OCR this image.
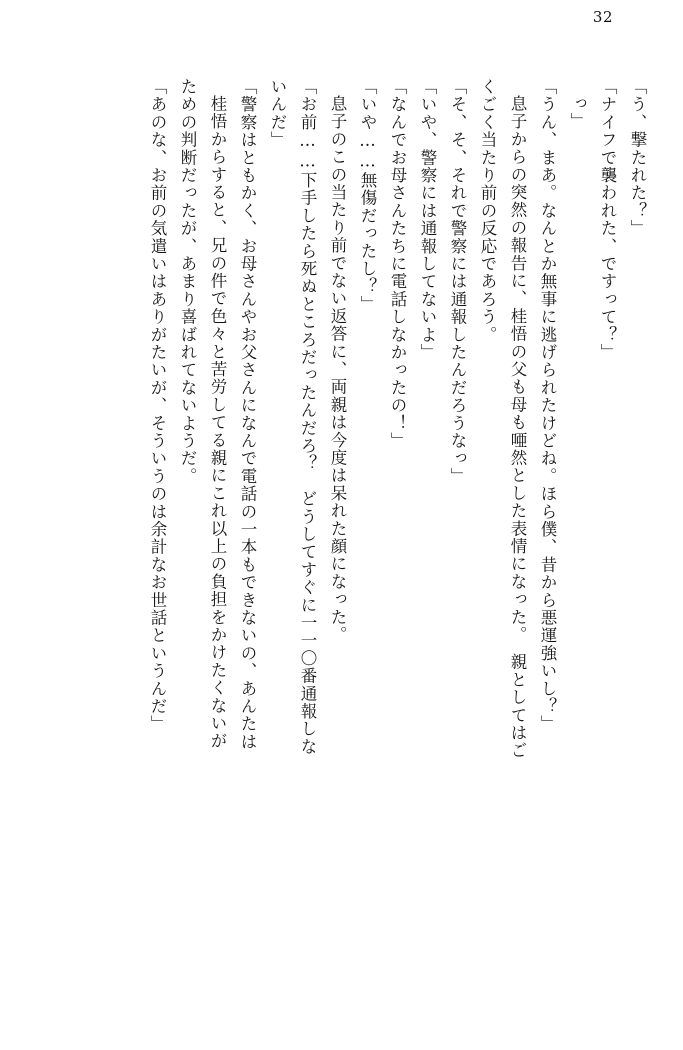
32
「う、撃たれた？」
「ナイフで襲われた、ですって？」
っ」
「うん、まあ。なんとか無事に逃げられたけどね。ほら僕、昔から悪運強いし？」
息子からの突然の報告に、桂悟の父も母も唖然とした表情になった。　親としてはご
くごく当たり前の反応であろう。
「そ、そ、それで警察には通報したんだろうなっ」
「いや、警察には通報してないよ」
「なんでお母さんたちに電話しなかったの！」
「いや……無傷だったし？」
息子のこの当たり前でない返答に、両親は今度は呆れた顔になった。
「お前……下手したら死ぬところだったんだろ？　どうしてすぐに一一〇番通報しな
いんだ」
「警察はともかく、お母さんやお父さんになんで電話の一本もできないの、あんたは
桂悟からすると、兄の件で色々と苦労してる親にこれ以上の負担をかけたくないが
ための判断だったが、あまり喜ばれてないようだ。
「あのな、お前の気遣いはありがたいが、そういうのは余計なお世話というんだ」
